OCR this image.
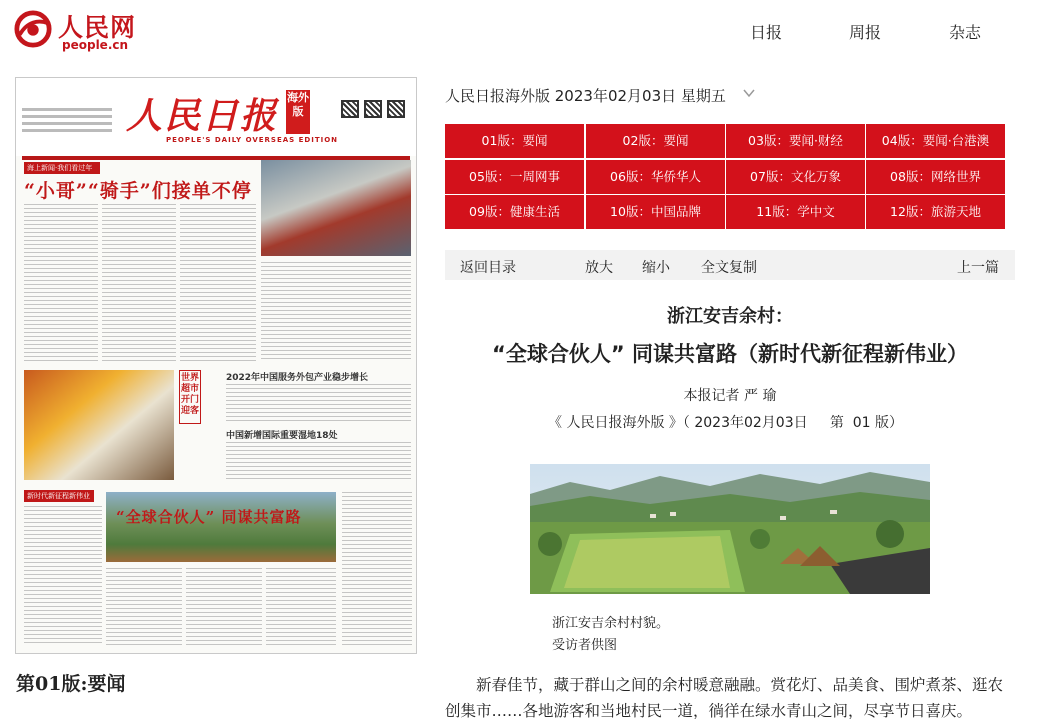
人民网
people.cn
日报	周报	杂志
人民日报 海外版
PEOPLE'S DAILY OVERSEAS EDITION
海上新闻·我们看过年
“小哥”“骑手”们接单不停
世界超市开门迎客
2022年中国服务外包产业稳步增长
中国新增国际重要湿地18处
新时代新征程新伟业
“全球合伙人” 同谋共富路
第01版:要闻
人民日报海外版 2023年02月03日 星期五
01版：要闻	02版：要闻	03版：要闻·财经	04版：要闻·台港澳
05版：一周网事	06版：华侨华人	07版：文化万象	08版：网络世界
09版：健康生活	10版：中国品牌	11版：学中文	12版：旅游天地
返回目录	放大 缩小 全文复制	上一篇
浙江安吉余村：
“全球合伙人” 同谋共富路（新时代新征程新伟业）
本报记者 严 瑜
《 人民日报海外版 》（ 2023年02月03日     第  01 版）
浙江安吉余村村貌。
受访者供图
新春佳节，藏于群山之间的余村暖意融融。赏花灯、品美食、围炉煮茶、逛农创集市……各地游客和当地村民一道，徜徉在绿水青山之间，尽享节日喜庆。
